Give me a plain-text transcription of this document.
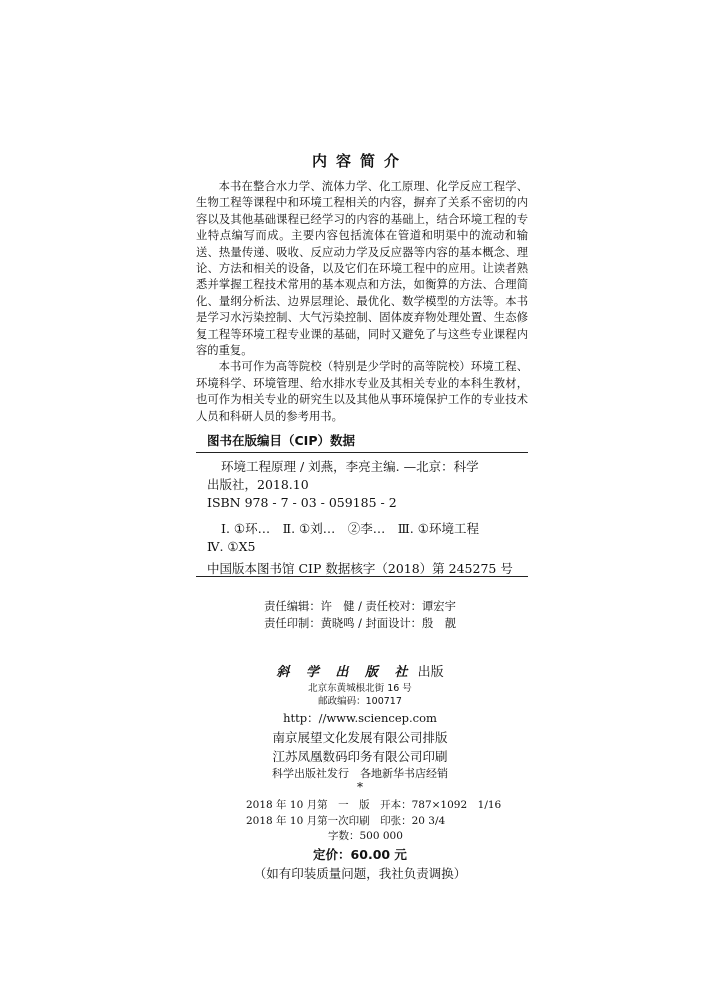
内容简介

本书在整合水力学、流体力学、化工原理、化学反应工程学、生物工程等课程中和环境工程相关的内容，摒弃了关系不密切的内容以及其他基础课程已经学习的内容的基础上，结合环境工程的专业特点编写而成。主要内容包括流体在管道和明渠中的流动和输送、热量传递、吸收、反应动力学及反应器等内容的基本概念、理论、方法和相关的设备，以及它们在环境工程中的应用。让读者熟悉并掌握工程技术常用的基本观点和方法，如衡算的方法、合理简化、量纲分析法、边界层理论、最优化、数学模型的方法等。本书是学习水污染控制、大气污染控制、固体废弃物处理处置、生态修复工程等环境工程专业课的基础，同时又避免了与这些专业课程内容的重复。

本书可作为高等院校（特别是少学时的高等院校）环境工程、环境科学、环境管理、给水排水专业及其相关专业的本科生教材，也可作为相关专业的研究生以及其他从事环境保护工作的专业技术人员和科研人员的参考用书。

图书在版编目（CIP）数据
环境工程原理 / 刘燕，李亮主编. —北京：科学
出版社，2018.10
ISBN 978 - 7 - 03 - 059185 - 2
Ⅰ. ①环…　Ⅱ. ①刘…　②李…　Ⅲ. ①环境工程
Ⅳ. ①X5
中国版本图书馆 CIP 数据核字（2018）第 245275 号
责任编辑：许　健 / 责任校对：谭宏宇
责任印制：黄晓鸣 / 封面设计：殷　靓
斜 学 出 版 社 出版
北京东黄城根北街 16 号
邮政编码：100717
http：//www.sciencep.com
南京展望文化发展有限公司排版
江苏凤凰数码印务有限公司印刷
科学出版社发行　各地新华书店经销
*
2018 年 10 月第　一　版　开本：787×1092　1/16
2018 年 10 月第一次印刷　印张：20 3/4
字数：500 000
定价：60.00 元
（如有印装质量问题，我社负责调换）
